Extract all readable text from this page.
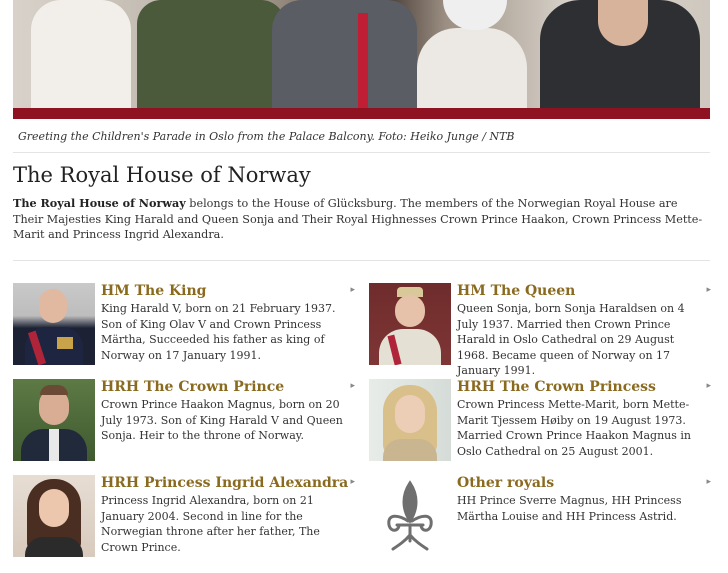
Greeting the Children's Parade in Oslo from the Palace Balcony. Foto: Heiko Junge / NTB
The Royal House of Norway

The Royal House of Norway belongs to the House of Glücksburg. The members of the Norwegian Royal House are Their Majesties King Harald and Queen Sonja and Their Royal Highnesses Crown Prince Haakon, Crown Princess Mette-Marit and Princess Ingrid Alexandra.

HM The King	▸
King Harald V, born on 21 February 1937. Son of King Olav V and Crown Princess Märtha, Succeeded his father as king of Norway on 17 January 1991.
HM The Queen	▸
Queen Sonja, born Sonja Haraldsen on 4 July 1937. Married then Crown Prince Harald in Oslo Cathedral on 29 August 1968. Became queen of Norway on 17 January 1991.
HRH The Crown Prince	▸
Crown Prince Haakon Magnus, born on 20 July 1973. Son of King Harald V and Queen Sonja. Heir to the throne of Norway.
HRH The Crown Princess	▸
Crown Princess Mette-Marit, born Mette-Marit Tjessem Høiby on 19 August 1973. Married Crown Prince Haakon Magnus in Oslo Cathedral on 25 August 2001.
HRH Princess Ingrid Alexandra ▸
Princess Ingrid Alexandra, born on 21 January 2004. Second in line for the Norwegian throne after her father, The Crown Prince.
Other royals	▸
HH Prince Sverre Magnus, HH Princess Märtha Louise and HH Princess Astrid.
